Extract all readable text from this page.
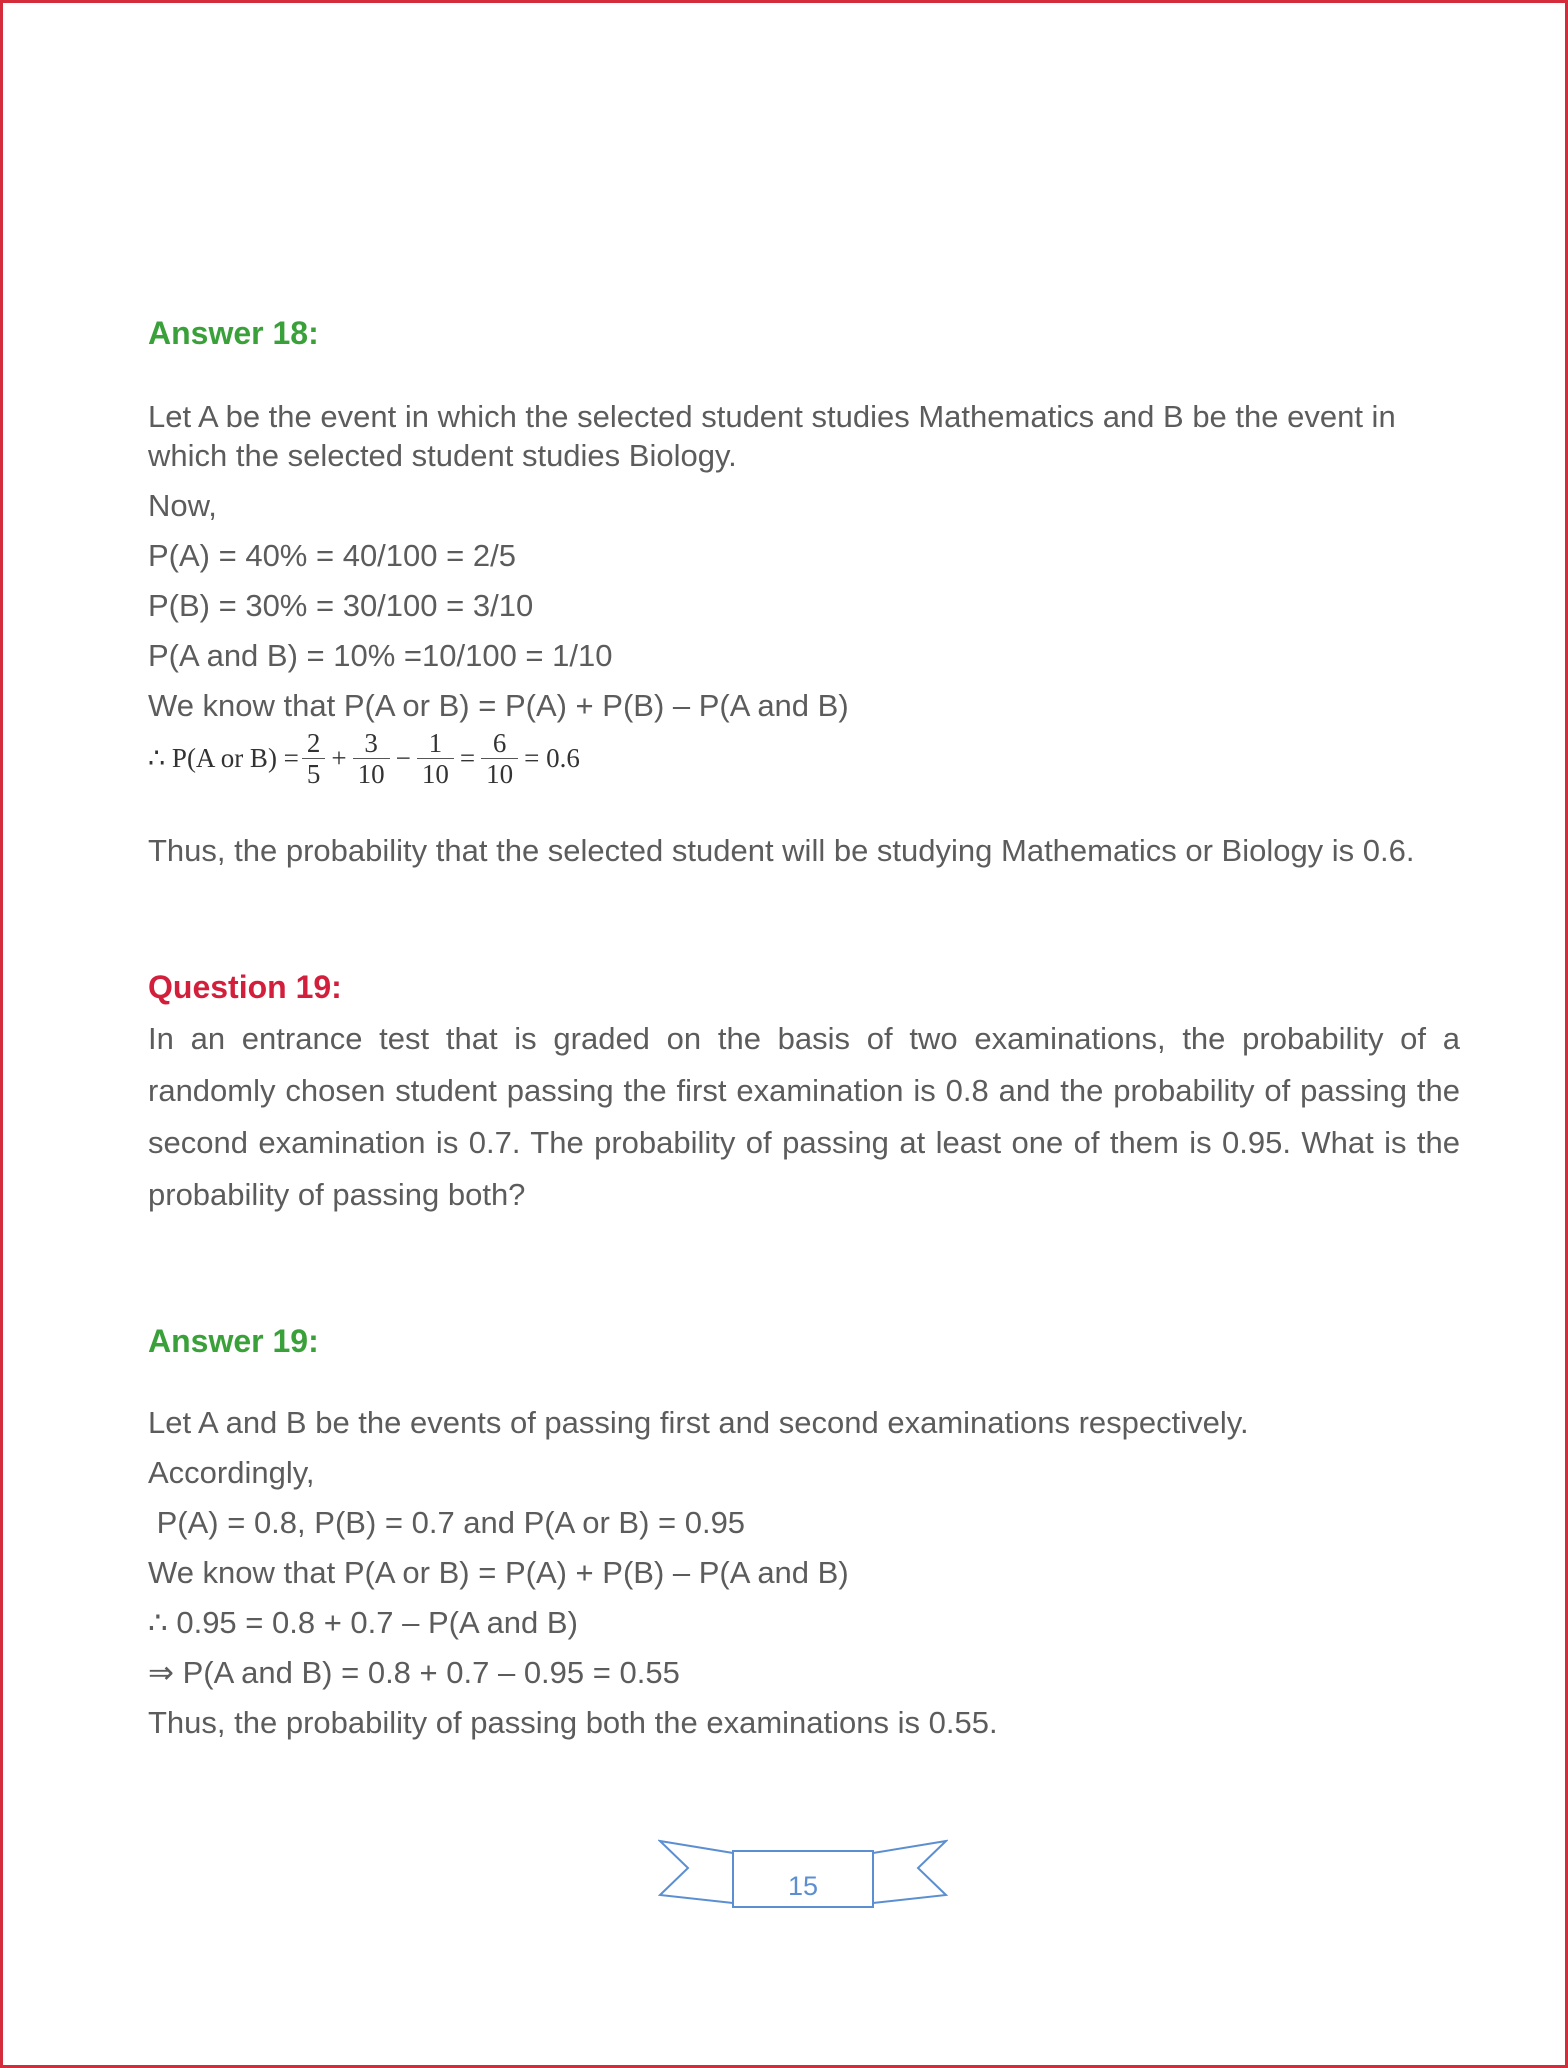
Answer 18:
Let A be the event in which the selected student studies Mathematics and B be the event in which the selected student studies Biology.
Now,
P(A) = 40% = 40/100 = 2/5
P(B) = 30% = 30/100 = 3/10
P(A and B) = 10% =10/100 = 1/10
We know that P(A or B) = P(A) + P(B) – P(A and B)
∴ P(A or $B) = \frac{2}{5} + \frac{3}{10} - \frac{1}{10} = \frac{6}{10} = 0.6$
Thus, the probability that the selected student will be studying Mathematics or Biology is 0.6.
Question 19:
In an entrance test that is graded on the basis of two examinations, the probability of a randomly chosen student passing the first examination is 0.8 and the probability of passing the second examination is 0.7. The probability of passing at least one of them is 0.95. What is the probability of passing both?
Answer 19:
Let A and B be the events of passing first and second examinations respectively.
Accordingly,
P(A) = 0.8, P(B) = 0.7 and P(A or B) = 0.95
We know that P(A or B) = P(A) + P(B) – P(A and B)
∴ 0.95 = 0.8 + 0.7 – P(A and B)
⇒ P(A and B) = 0.8 + 0.7 – 0.95 = 0.55
Thus, the probability of passing both the examinations is 0.55.
15
